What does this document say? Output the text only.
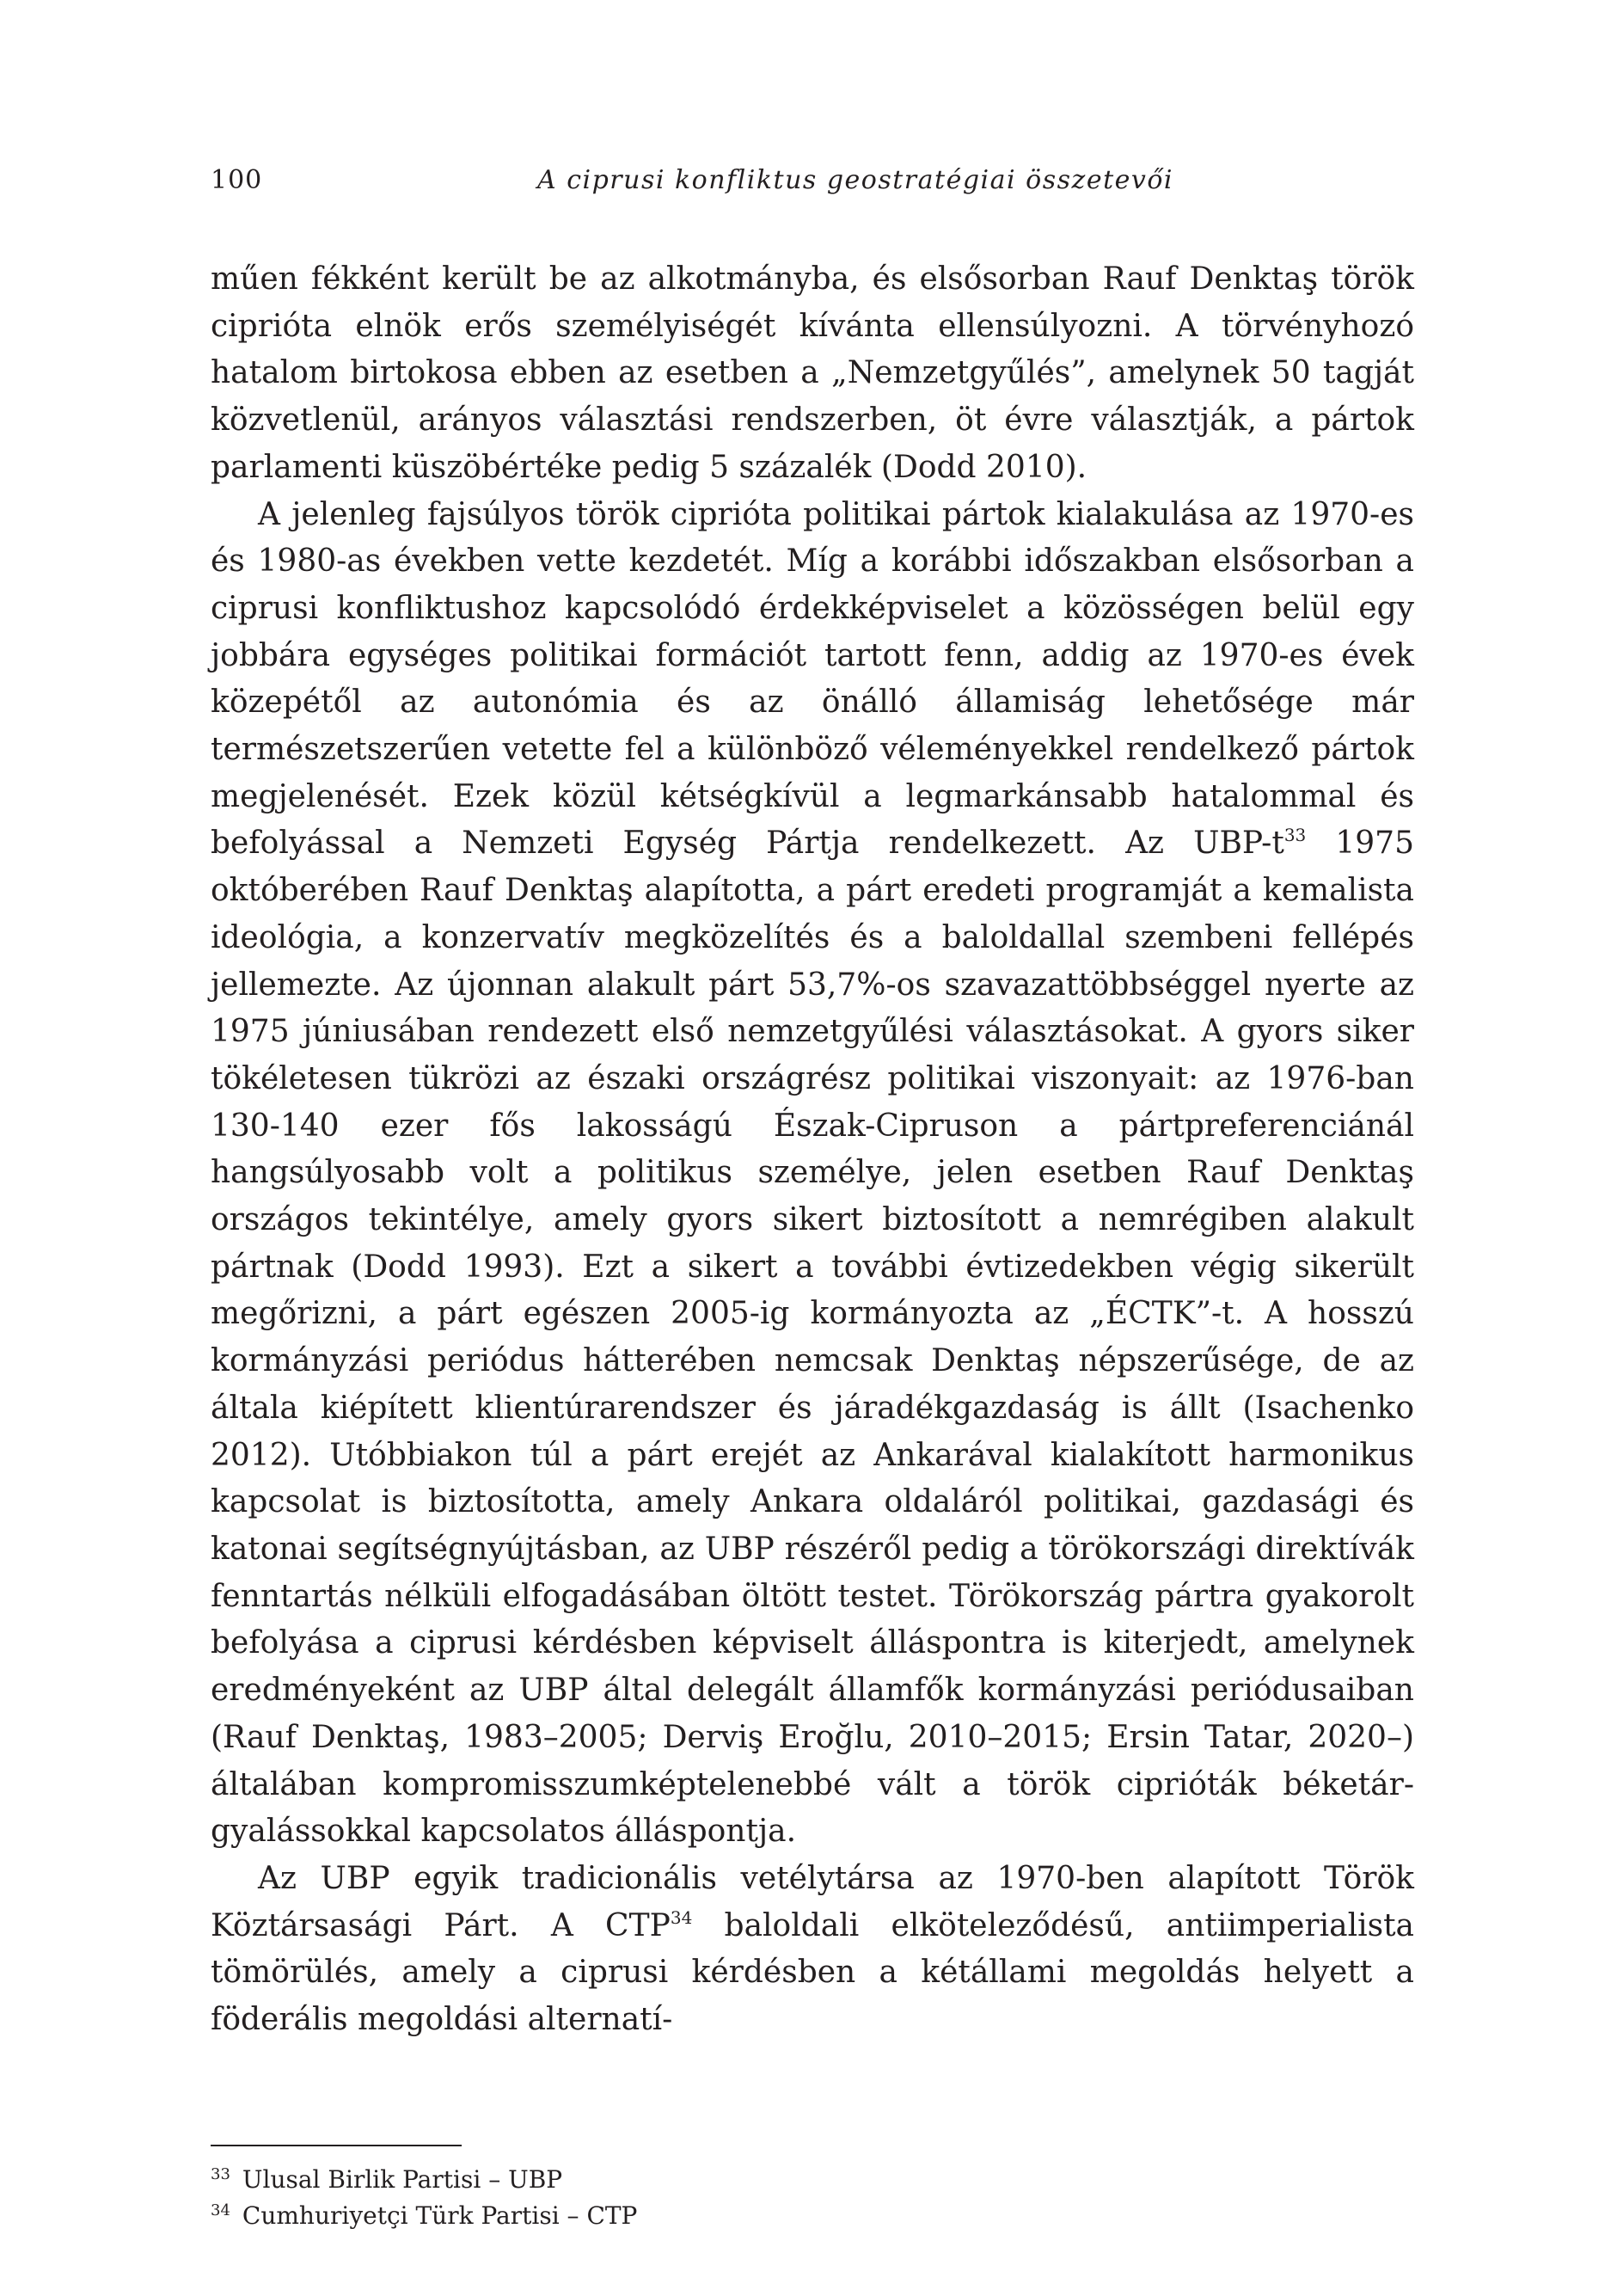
100	A ciprusi konfliktus geostratégiai összetevői

műen fékként került be az alkotmányba, és elsősorban Rauf Denktaş török ciprióta elnök erős személyiségét kívánta ellensúlyozni. A törvényhozó hatalom birtokosa ebben az esetben a „Nemzetgyűlés”, amelynek 50 tagját közvetlenül, arányos választási rendszerben, öt évre választják, a pártok parlamenti küszöbértéke pedig 5 százalék (Dodd 2010).

A jelenleg fajsúlyos török ciprióta politikai pártok kialakulása az 1970-es és 1980-as években vette kezdetét. Míg a korábbi időszakban elsősorban a ciprusi konfliktushoz kapcsolódó érdekképviselet a közösségen belül egy jobbára egységes politikai formációt tartott fenn, addig az 1970-es évek közepétől az autonómia és az önálló államiság lehetősége már természetszerűen vetette fel a különböző véleményekkel rendelkező pártok megjelenését. Ezek közül kétségkívül a legmarkánsabb hatalommal és befolyással a Nemzeti Egység Pártja rendelkezett. Az UBP-t$^{33}$ 1975 októberében Rauf Denktaş alapította, a párt eredeti programját a kemalista ideológia, a konzervatív megközelítés és a baloldallal szembeni fellépés jellemezte. Az újonnan alakult párt 53,7%-os szavazattöbbséggel nyerte az 1975 júniusában rendezett első nemzetgyűlési választásokat. A gyors siker tökéletesen tükrözi az északi országrész politikai viszonyait: az 1976-ban 130-140 ezer fős lakosságú Észak-Cipruson a pártpreferenciánál hangsúlyosabb volt a politikus személye, jelen esetben Rauf Denktaş országos tekintélye, amely gyors sikert biztosított a nemrégiben alakult pártnak (Dodd 1993). Ezt a sikert a további évtizedekben végig sikerült megőrizni, a párt egészen 2005-ig kormányozta az „ÉCTK”-t. A hosszú kormányzási periódus hátterében nemcsak Denktaş népszerűsége, de az általa kiépített klientúrarendszer és járadékgazdaság is állt (Isachenko 2012). Utóbbiakon túl a párt erejét az Ankarával kialakított harmonikus kapcsolat is biztosította, amely Ankara oldaláról politikai, gazdasági és katonai segítségnyújtásban, az UBP részéről pedig a törökországi direktívák fenntartás nélküli elfogadásában öltött testet. Törökország pártra gyakorolt befolyása a ciprusi kérdésben képviselt álláspontra is kiterjedt, amelynek eredményeként az UBP által delegált államfők kormányzási periódusaiban (Rauf Denktaş, 1983–2005; Derviş Eroğlu, 2010–2015; Ersin Tatar, 2020–) általában kompromisszumképtelenebbé vált a török ciprióták béketárgyalássokkal kapcsolatos álláspontja.

Az UBP egyik tradicionális vetélytársa az 1970-ben alapított Török Köztársasági Párt. A CTP$^{34}$ baloldali elköteleződésű, antiimperialista tömörülés, amely a ciprusi kérdésben a kétállami megoldás helyett a föderális megoldási alternatí-

$^{33}$ Ulusal Birlik Partisi – UBP
$^{34}$ Cumhuriyetçi Türk Partisi – CTP
